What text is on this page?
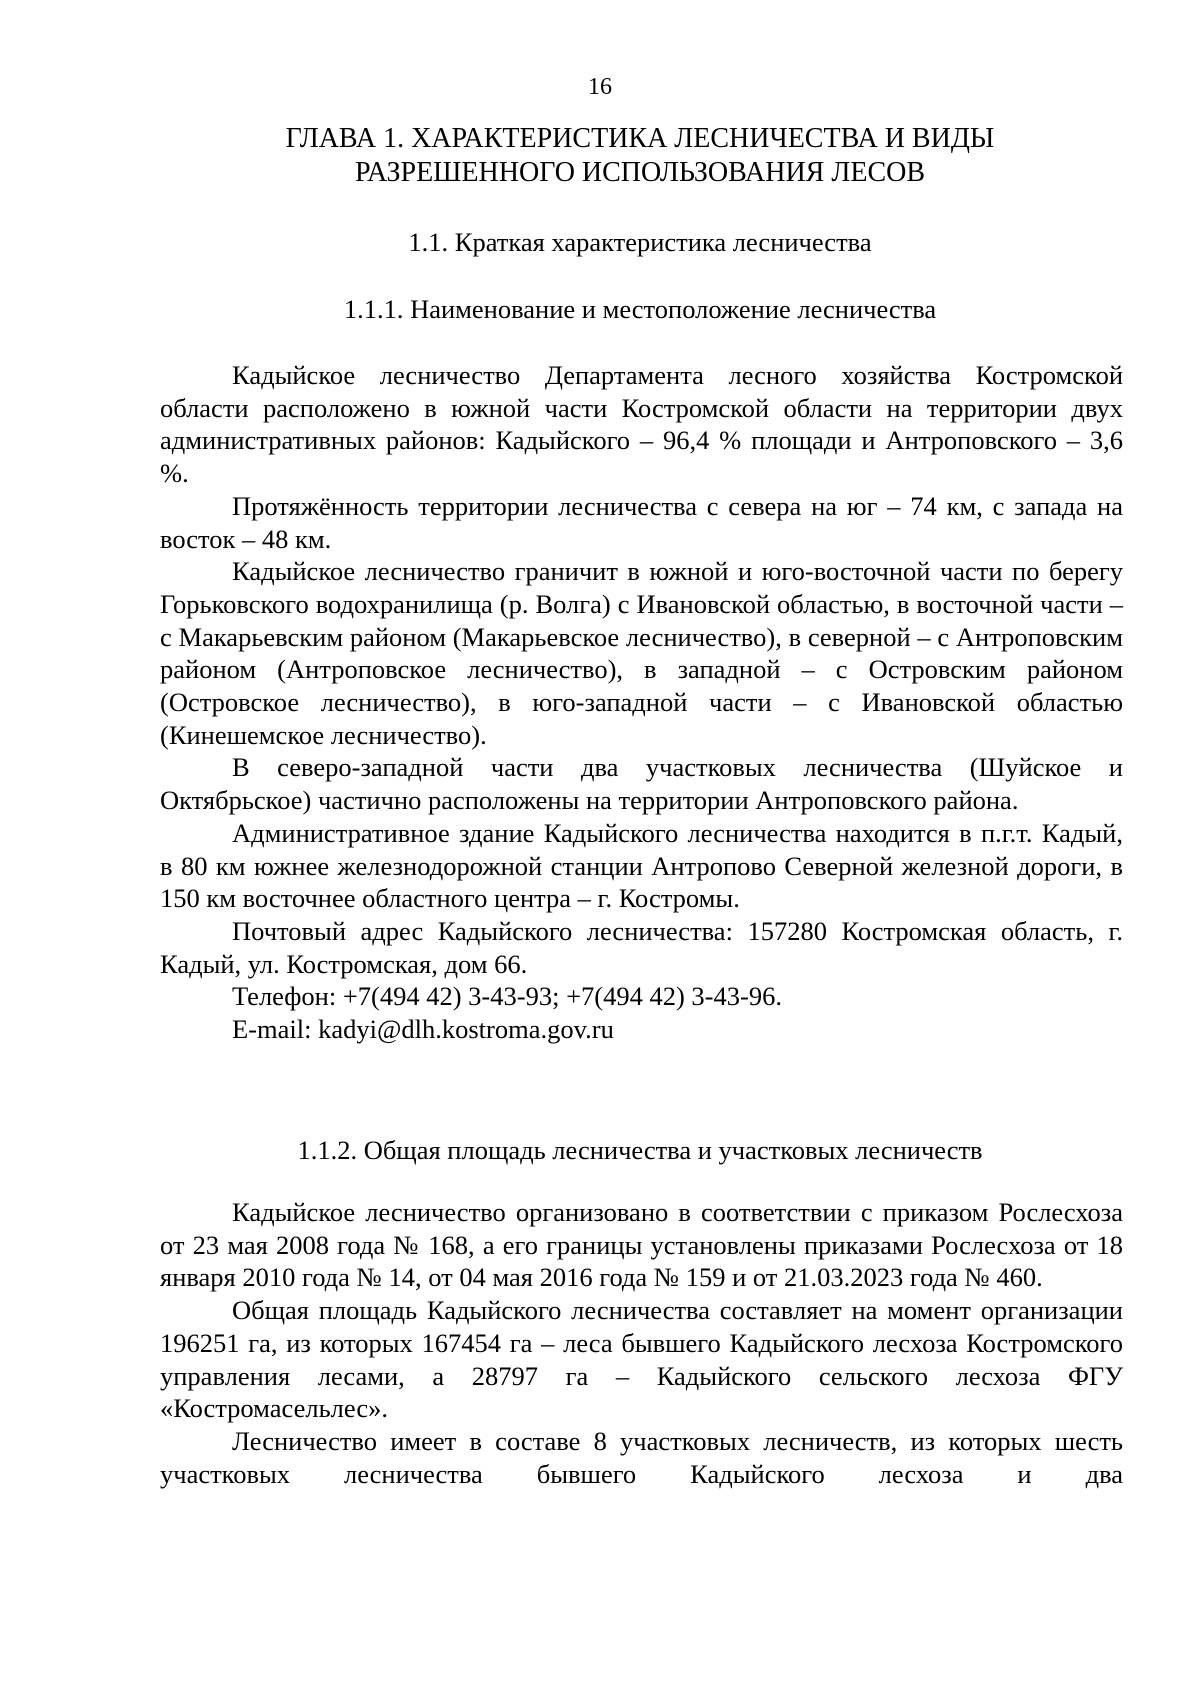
16
ГЛАВА 1. ХАРАКТЕРИСТИКА ЛЕСНИЧЕСТВА И ВИДЫ
РАЗРЕШЕННОГО ИСПОЛЬЗОВАНИЯ ЛЕСОВ
1.1. Краткая характеристика лесничества
1.1.1. Наименование и местоположение лесничества

Кадыйское лесничество Департамента лесного хозяйства Костромской области расположено в южной части Костромской области на территории двух административных районов: Кадыйского – 96,4 % площади и Антроповского – 3,6 %.

Протяжённость территории лесничества с севера на юг – 74 км, с запада на восток – 48 км.

Кадыйское лесничество граничит в южной и юго-восточной части по берегу Горьковского водохранилища (р. Волга) с Ивановской областью, в восточной части – с Макарьевским районом (Макарьевское лесничество), в северной – с Антроповским районом (Антроповское лесничество), в западной – с Островским районом (Островское лесничество), в юго-западной части – с Ивановской областью (Кинешемское лесничество).

В северо-западной части два участковых лесничества (Шуйское и Октябрьское) частично расположены на территории Антроповского района.

Административное здание Кадыйского лесничества находится в п.г.т. Кадый, в 80 км южнее железнодорожной станции Антропово Северной железной дороги, в 150 км восточнее областного центра – г. Костромы.

Почтовый адрес Кадыйского лесничества: 157280 Костромская область, г. Кадый, ул. Костромская, дом 66.

Телефон: +7(494 42) 3-43-93; +7(494 42) 3-43-96.
E-mail: kadyi@dlh.kostroma.gov.ru
1.1.2. Общая площадь лесничества и участковых лесничеств

Кадыйское лесничество организовано в соответствии с приказом Рослесхоза от 23 мая 2008 года № 168, а его границы установлены приказами Рослесхоза от 18 января 2010 года № 14, от 04 мая 2016 года № 159 и от 21.03.2023 года № 460.

Общая площадь Кадыйского лесничества составляет на момент организации 196251 га, из которых 167454 га – леса бывшего Кадыйского лесхоза Костромского управления лесами, а 28797 га – Кадыйского сельского лесхоза ФГУ «Костромасельлес».

Лесничество имеет в составе 8 участковых лесничеств, из которых шесть участковых лесничества бывшего Кадыйского лесхоза и два
